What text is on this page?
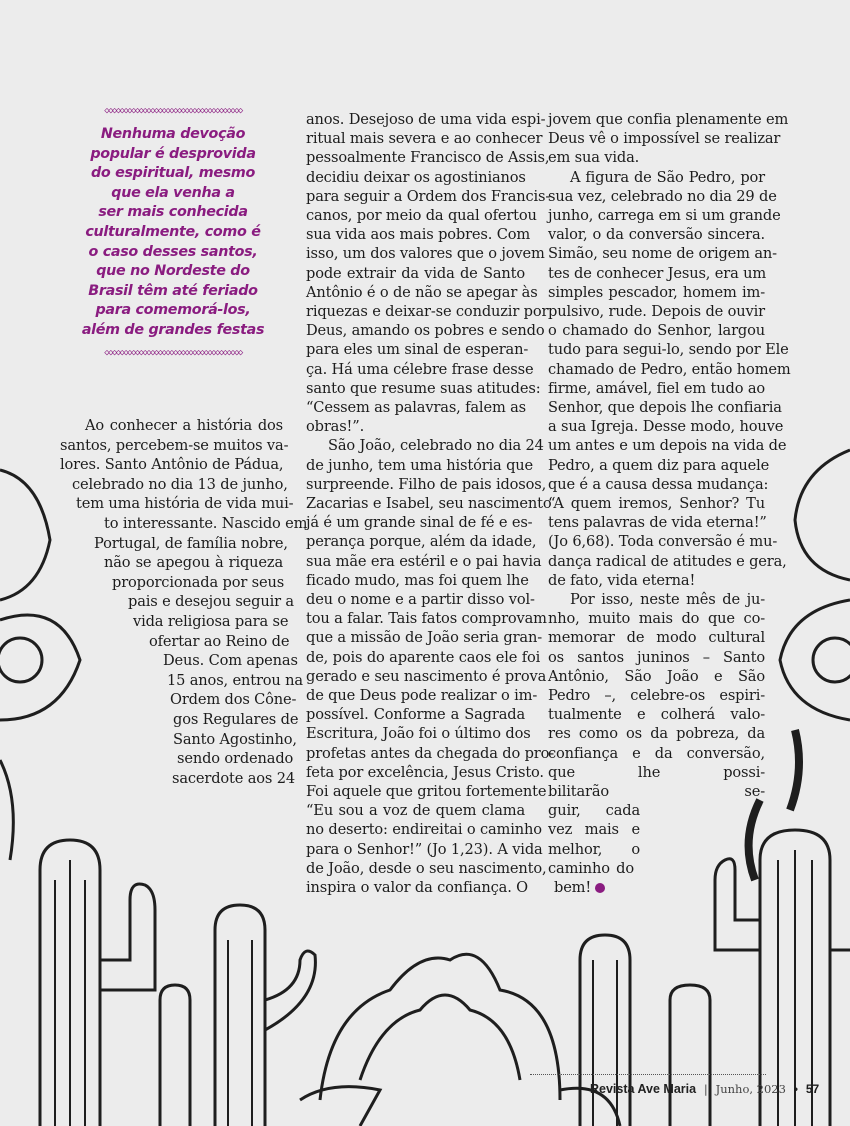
◇◇◇◇◇◇◇◇◇◇◇◇◇◇◇◇◇◇◇◇◇◇◇◇◇◇◇◇◇◇◇◇◇◇◇◇
Nenhuma devoção
popular é desprovida
do espiritual, mesmo
que ela venha a
ser mais conhecida
culturalmente, como é
o caso desses santos,
que no Nordeste do
Brasil têm até feriado
para comemorá-los,
além de grandes festas
◇◇◇◇◇◇◇◇◇◇◇◇◇◇◇◇◇◇◇◇◇◇◇◇◇◇◇◇◇◇◇◇◇◇◇◇
Ao conhecer a história dos
santos, percebem-se muitos va-
lores. Santo Antônio de Pádua,
celebrado no dia 13 de junho,
tem uma história de vida mui-
to interessante. Nascido em
Portugal, de família nobre,
não se apegou à riqueza
proporcionada por seus
pais e desejou seguir a
vida religiosa para se
ofertar ao Reino de
Deus. Com apenas
15 anos, entrou na
Ordem dos Cône-
gos Regulares de
Santo Agostinho,
sendo ordenado
sacerdote aos 24
anos. Desejoso de uma vida espi-
ritual mais severa e ao conhecer
pessoalmente Francisco de Assis,
decidiu deixar os agostinianos
para seguir a Ordem dos Francis-
canos, por meio da qual ofertou
sua vida aos mais pobres. Com
isso, um dos valores que o jovem
pode extrair da vida de Santo
Antônio é o de não se apegar às
riquezas e deixar-se conduzir por
Deus, amando os pobres e sendo
para eles um sinal de esperan-
ça. Há uma célebre frase desse
santo que resume suas atitudes:
“Cessem as palavras, falem as
obras!”.
São João, celebrado no dia 24
de junho, tem uma história que
surpreende. Filho de pais idosos,
Zacarias e Isabel, seu nascimento
já é um grande sinal de fé e es-
perança porque, além da idade,
sua mãe era estéril e o pai havia
ficado mudo, mas foi quem lhe
deu o nome e a partir disso vol-
tou a falar. Tais fatos comprovam
que a missão de João seria gran-
de, pois do aparente caos ele foi
gerado e seu nascimento é prova
de que Deus pode realizar o im-
possível. Conforme a Sagrada
Escritura, João foi o último dos
profetas antes da chegada do pro-
feta por excelência, Jesus Cristo.
Foi aquele que gritou fortemente
“Eu sou a voz de quem clama
no deserto: endireitai o caminho
para o Senhor!” (Jo 1,23). A vida
de João, desde o seu nascimento,
inspira o valor da confiança. O
jovem que confia plenamente em
Deus vê o impossível se realizar
em sua vida.
A figura de São Pedro, por
sua vez, celebrado no dia 29 de
junho, carrega em si um grande
valor, o da conversão sincera.
Simão, seu nome de origem an-
tes de conhecer Jesus, era um
simples pescador, homem im-
pulsivo, rude. Depois de ouvir
o chamado do Senhor, largou
tudo para segui-lo, sendo por Ele
chamado de Pedro, então homem
firme, amável, fiel em tudo ao
Senhor, que depois lhe confiaria
a sua Igreja. Desse modo, houve
um antes e um depois na vida de
Pedro, a quem diz para aquele
que é a causa dessa mudança:
“A quem iremos, Senhor? Tu
tens palavras de vida eterna!”
(Jo 6,68). Toda conversão é mu-
dança radical de atitudes e gera,
de fato, vida eterna!
Por isso, neste mês de ju-
nho, muito mais do que co-
memorar de modo cultural
os santos juninos – Santo
Antônio, São João e São
Pedro –, celebre-os espiri-
tualmente e colherá valo-
res como os da pobreza, da
confiança e da conversão,
que lhe possi-
bilitarão se-
guir, cada
vez mais e
melhor, o
caminho do
bem!
Revista Ave Maria | Junho, 2023 • 57
